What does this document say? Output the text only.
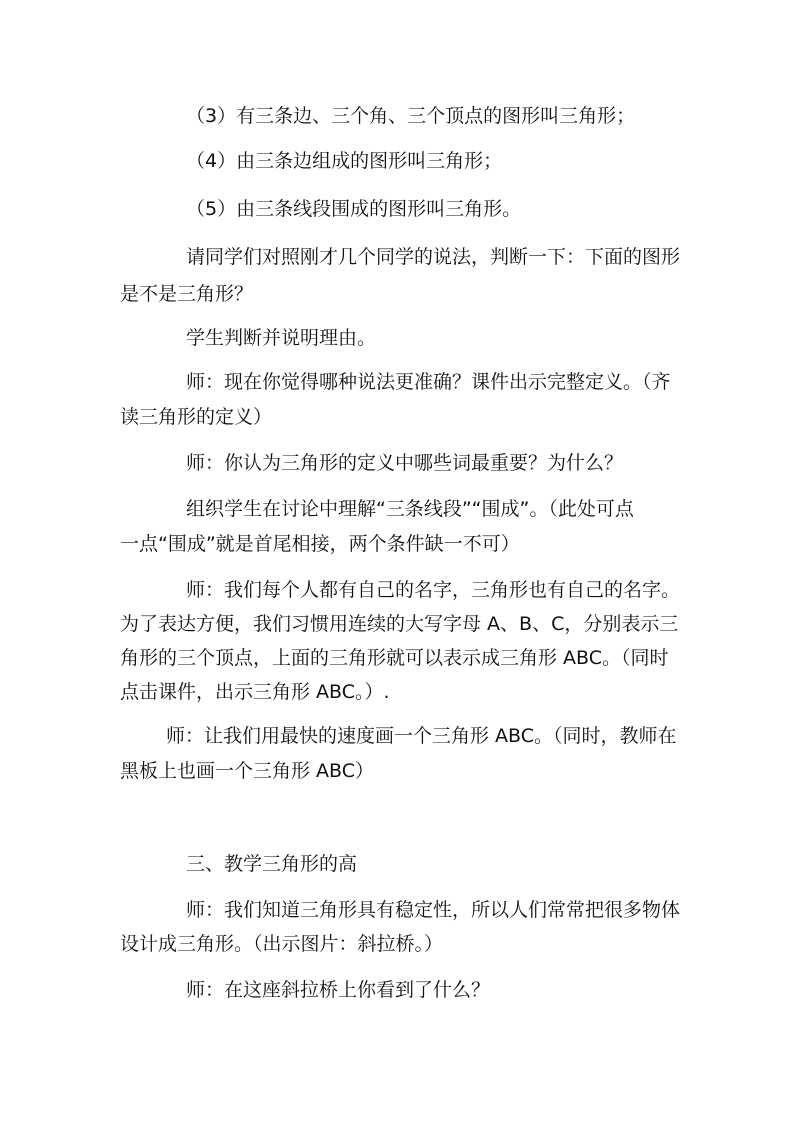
（3）有三条边、三个角、三个顶点的图形叫三角形；
（4）由三条边组成的图形叫三角形；
（5）由三条线段围成的图形叫三角形。
请同学们对照刚才几个同学的说法，判断一下：下面的图形
是不是三角形？
学生判断并说明理由。
师：现在你觉得哪种说法更准确？课件出示完整定义。（齐
读三角形的定义）
师：你认为三角形的定义中哪些词最重要？为什么？
组织学生在讨论中理解“三条线段”“围成”。（此处可点
一点“围成”就是首尾相接，两个条件缺一不可）
师：我们每个人都有自己的名字，三角形也有自己的名字。
为了表达方便，我们习惯用连续的大写字母 A、B、C，分别表示三
角形的三个顶点，上面的三角形就可以表示成三角形 ABC。（同时
点击课件，出示三角形 ABC。）.
师：让我们用最快的速度画一个三角形 ABC。（同时，教师在
黑板上也画一个三角形 ABC）
三、教学三角形的高
师：我们知道三角形具有稳定性，所以人们常常把很多物体
设计成三角形。（出示图片：斜拉桥。）
师：在这座斜拉桥上你看到了什么？
